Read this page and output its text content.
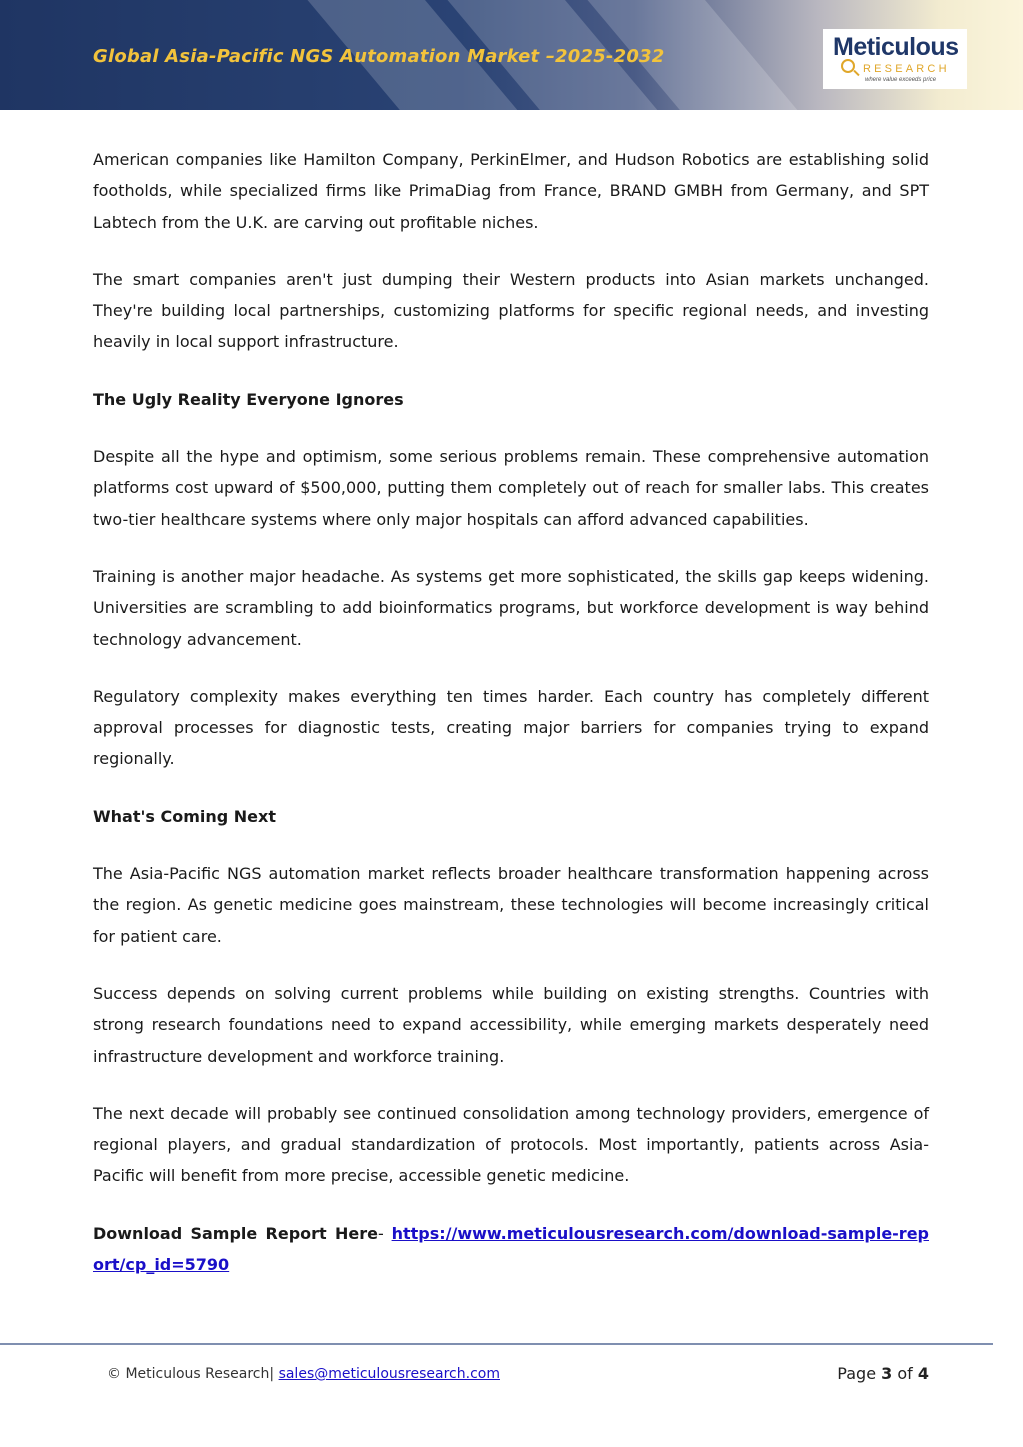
Global Asia-Pacific NGS Automation Market –2025-2032	Meticulous
RESEARCH
where value exceeds price

American companies like Hamilton Company, PerkinElmer, and Hudson Robotics are establishing solid footholds, while specialized firms like PrimaDiag from France, BRAND GMBH from Germany, and SPT Labtech from the U.K. are carving out profitable niches.

The smart companies aren't just dumping their Western products into Asian markets unchanged. They're building local partnerships, customizing platforms for specific regional needs, and investing heavily in local support infrastructure.

The Ugly Reality Everyone Ignores

Despite all the hype and optimism, some serious problems remain. These comprehensive automation platforms cost upward of $500,000, putting them completely out of reach for smaller labs. This creates two-tier healthcare systems where only major hospitals can afford advanced capabilities.

Training is another major headache. As systems get more sophisticated, the skills gap keeps widening. Universities are scrambling to add bioinformatics programs, but workforce development is way behind technology advancement.

Regulatory complexity makes everything ten times harder. Each country has completely different approval processes for diagnostic tests, creating major barriers for companies trying to expand regionally.

What's Coming Next

The Asia-Pacific NGS automation market reflects broader healthcare transformation happening across the region. As genetic medicine goes mainstream, these technologies will become increasingly critical for patient care.

Success depends on solving current problems while building on existing strengths. Countries with strong research foundations need to expand accessibility, while emerging markets desperately need infrastructure development and workforce training.

The next decade will probably see continued consolidation among technology providers, emergence of regional players, and gradual standardization of protocols. Most importantly, patients across Asia-Pacific will benefit from more precise, accessible genetic medicine.

Download Sample Report Here- https://www.meticulousresearch.com/download-sample-report/cp_id=5790

© Meticulous Research| sales@meticulousresearch.com	Page 3 of 4
